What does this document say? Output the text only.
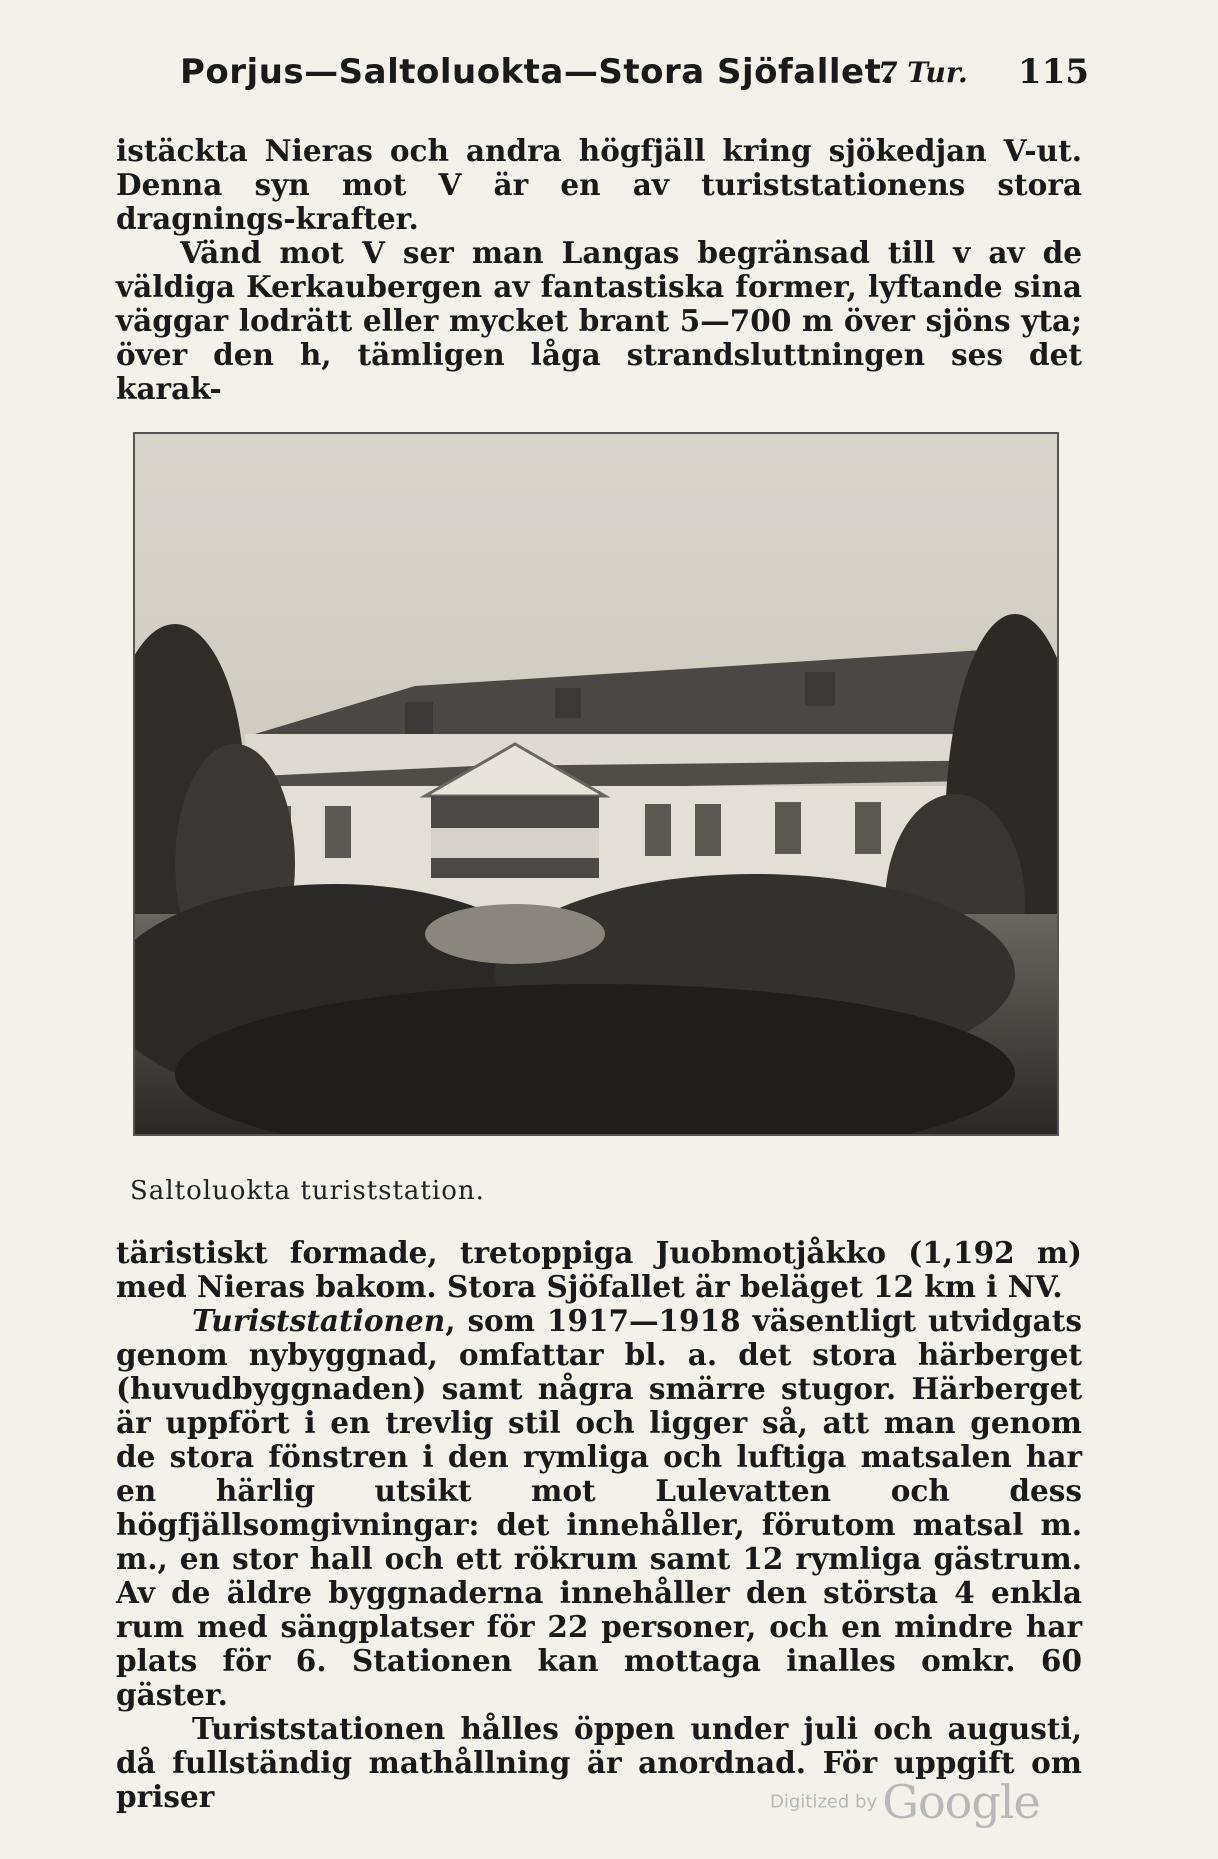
Porjus—Saltoluokta—Stora Sjöfallet.
7 Tur. 115

istäckta Nieras och andra högfjäll kring sjökedjan V-ut. Denna syn mot V är en av turiststationens stora dragnings-krafter.

Vänd mot V ser man Langas begränsad till v av de väldiga Kerkaubergen av fantastiska former, lyftande sina väggar lodrätt eller mycket brant 5—700 m över sjöns yta; över den h, tämligen låga strandsluttningen ses det karak-

Saltoluokta turiststation.

täristiskt formade, tretoppiga Juobmotjåkko (1,192 m) med Nieras bakom. Stora Sjöfallet är beläget 12 km i NV.

Turiststationen, som 1917—1918 väsentligt utvidgats genom nybyggnad, omfattar bl. a. det stora härberget (huvudbyggnaden) samt några smärre stugor. Härberget är uppfört i en trevlig stil och ligger så, att man genom de stora fönstren i den rymliga och luftiga matsalen har en härlig utsikt mot Lulevatten och dess högfjällsomgivningar: det innehåller, förutom matsal m. m., en stor hall och ett rökrum samt 12 rymliga gästrum. Av de äldre byggnaderna innehåller den största 4 enkla rum med sängplatser för 22 personer, och en mindre har plats för 6. Stationen kan mottaga inalles omkr. 60 gäster.

Turiststationen hålles öppen under juli och augusti, då fullständig mathållning är anordnad. För uppgift om priser	Digitized by Google
